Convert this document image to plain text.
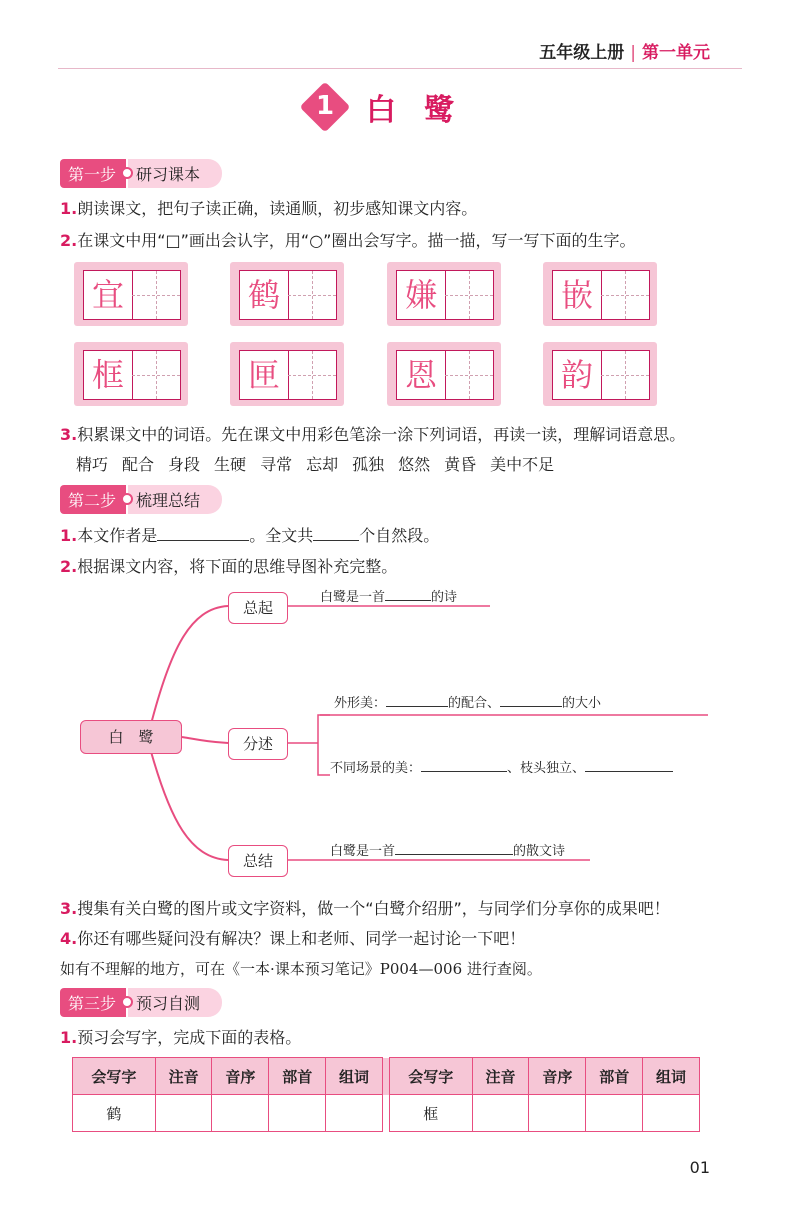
五年级上册 | 第一单元
1	白鹭
第一步	研习课本
1.朗读课文，把句子读正确，读通顺，初步感知课文内容。
2.在课文中用“□”画出会认字，用“○”圈出会写字。描一描，写一写下面的生字。
宜	鹤	嫌	嵌
框	匣	恩	韵
3.积累课文中的词语。先在课文中用彩色笔涂一涂下列词语，再读一读，理解词语意思。
精巧 配合 身段 生硬 寻常 忘却 孤独 悠然 黄昏 美中不足
第二步	梳理总结
1.本文作者是	。全文共	个自然段。
2.根据课文内容，将下面的思维导图补充完整。
白　鹭
总起
白鹭是一首	的诗
分述
外形美：	的配合、	的大小
不同场景的美：	、枝头独立、
总结
白鹭是一首	的散文诗
3.搜集有关白鹭的图片或文字资料，做一个“白鹭介绍册”，与同学们分享你的成果吧！
4.你还有哪些疑问没有解决？课上和老师、同学一起讨论一下吧！
如有不理解的地方，可在《一本·课本预习笔记》P004—006 进行查阅。
第三步	预习自测
1.预习会写字，完成下面的表格。
会写字	注音	音序	部首	组词		会写字	注音	音序	部首	组词
鹤						框				
01
